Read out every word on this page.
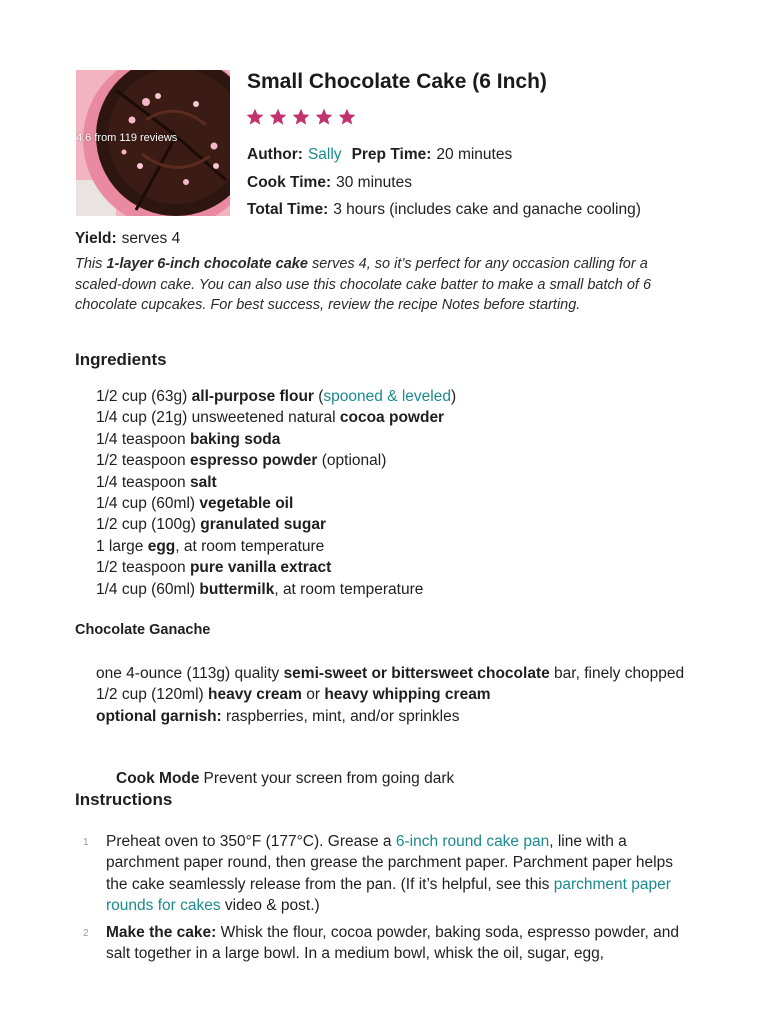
4.6 from 119 reviews
Small Chocolate Cake (6 Inch)
Author: Sally Prep Time: 20 minutes
Cook Time: 30 minutes
Total Time: 3 hours (includes cake and ganache cooling)
Yield: serves 4

This 1-layer 6-inch chocolate cake serves 4, so it’s perfect for any occasion calling for a scaled-down cake. You can also use this chocolate cake batter to make a small batch of 6 chocolate cupcakes. For best success, review the recipe Notes before starting.

Ingredients
1/2 cup (63g) all-purpose flour (spooned & leveled)
1/4 cup (21g) unsweetened natural cocoa powder
1/4 teaspoon baking soda
1/2 teaspoon espresso powder (optional)
1/4 teaspoon salt
1/4 cup (60ml) vegetable oil
1/2 cup (100g) granulated sugar
1 large egg, at room temperature
1/2 teaspoon pure vanilla extract
1/4 cup (60ml) buttermilk, at room temperature
Chocolate Ganache
one 4-ounce (113g) quality semi-sweet or bittersweet chocolate bar, finely chopped
1/2 cup (120ml) heavy cream or heavy whipping cream
optional garnish: raspberries, mint, and/or sprinkles
Cook Mode Prevent your screen from going dark
Instructions
1 Preheat oven to 350°F (177°C). Grease a 6-inch round cake pan, line with a parchment paper round, then grease the parchment paper. Parchment paper helps the cake seamlessly release from the pan. (If it’s helpful, see this parchment paper rounds for cakes video & post.)
2 Make the cake: Whisk the flour, cocoa powder, baking soda, espresso powder, and salt together in a large bowl. In a medium bowl, whisk the oil, sugar, egg,
